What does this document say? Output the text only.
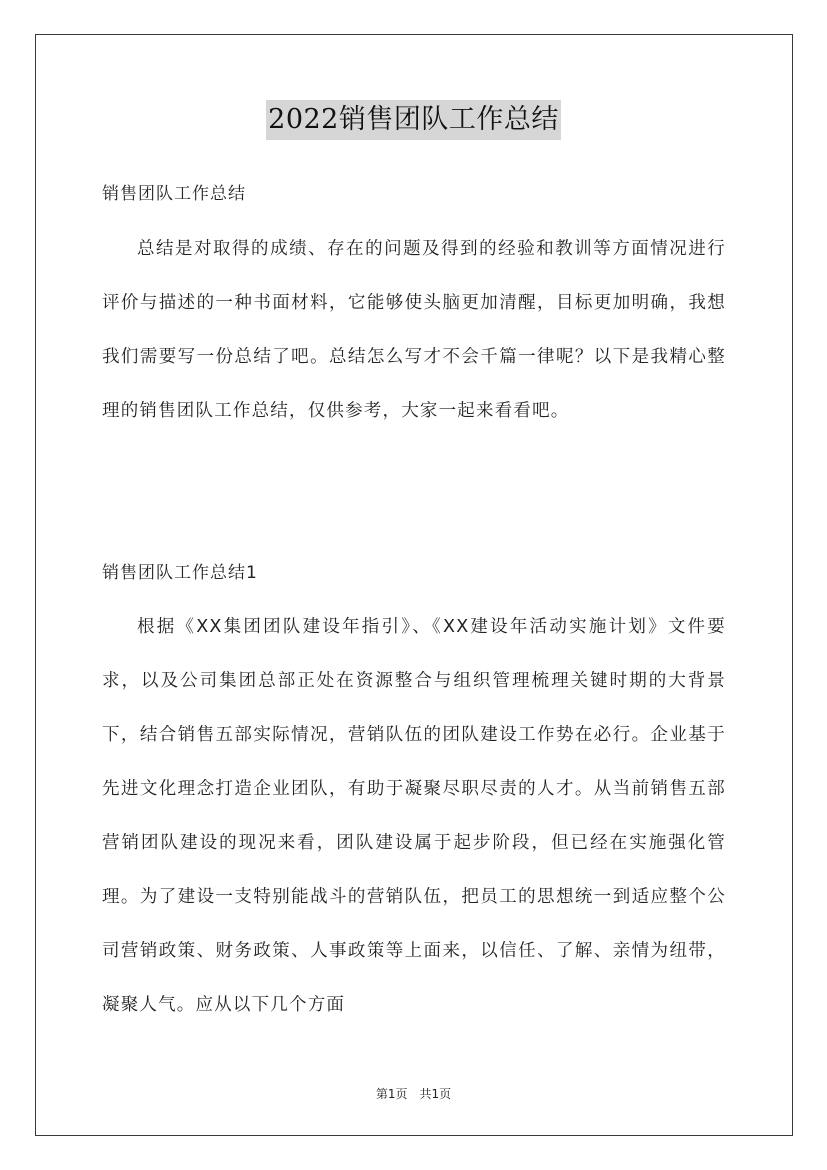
2022销售团队工作总结
销售团队工作总结

总结是对取得的成绩、存在的问题及得到的经验和教训等方面情况进行评价与描述的一种书面材料，它能够使头脑更加清醒，目标更加明确，我想我们需要写一份总结了吧。总结怎么写才不会千篇一律呢？以下是我精心整理的销售团队工作总结，仅供参考，大家一起来看看吧。

销售团队工作总结1

根据《XX集团团队建设年指引》、《XX建设年活动实施计划》文件要求，以及公司集团总部正处在资源整合与组织管理梳理关键时期的大背景下，结合销售五部实际情况，营销队伍的团队建设工作势在必行。企业基于先进文化理念打造企业团队，有助于凝聚尽职尽责的人才。从当前销售五部营销团队建设的现况来看，团队建设属于起步阶段，但已经在实施强化管理。为了建设一支特别能战斗的营销队伍，把员工的思想统一到适应整个公司营销政策、财务政策、人事政策等上面来，以信任、了解、亲情为纽带，凝聚人气。应从以下几个方面

第1页　共1页
